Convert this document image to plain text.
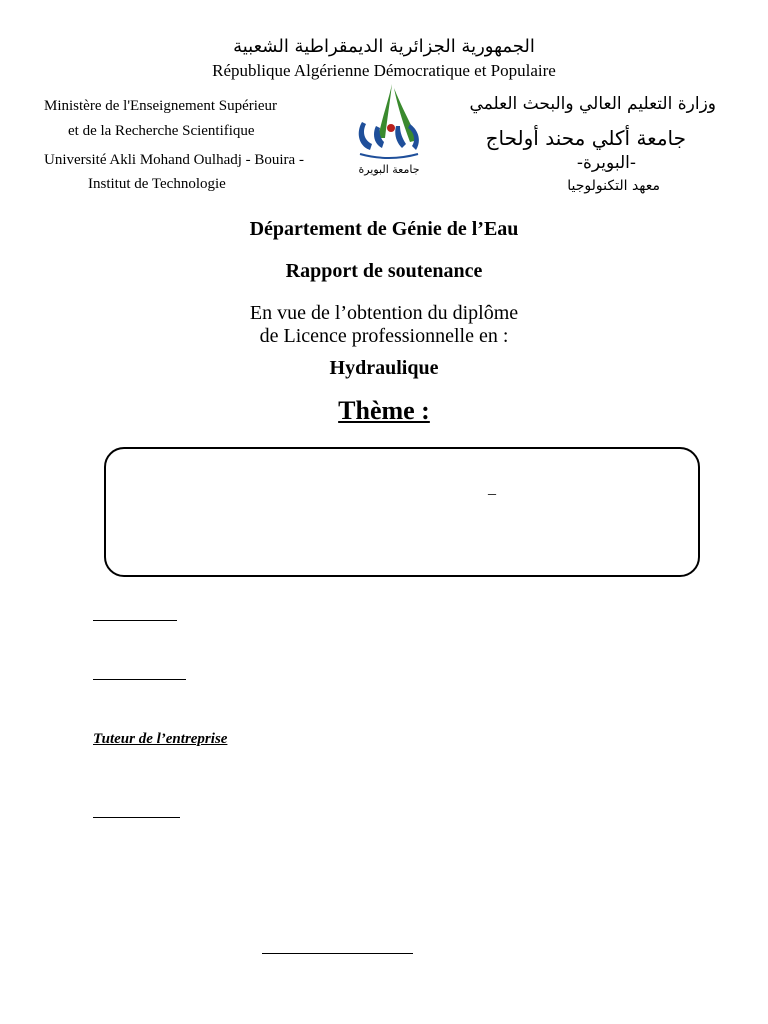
الجمهورية الجزائرية الديمقراطية الشعبية
République Algérienne Démocratique et Populaire
Ministère de l'Enseignement Supérieur
et de la Recherche Scientifique
Université Akli Mohand Oulhadj - Bouira -
Institut de Technologie
وزارة التعليم العالي والبحث العلمي
جامعة أكلي محند أولحاج
-البويرة-
معهد التكنولوجيا
جامعة البويرة
Département de Génie de l’Eau
Rapport de soutenance
En vue de l’obtention du diplôme
de Licence professionnelle en :
Hydraulique
Thème :
_
Tuteur de l’entreprise
